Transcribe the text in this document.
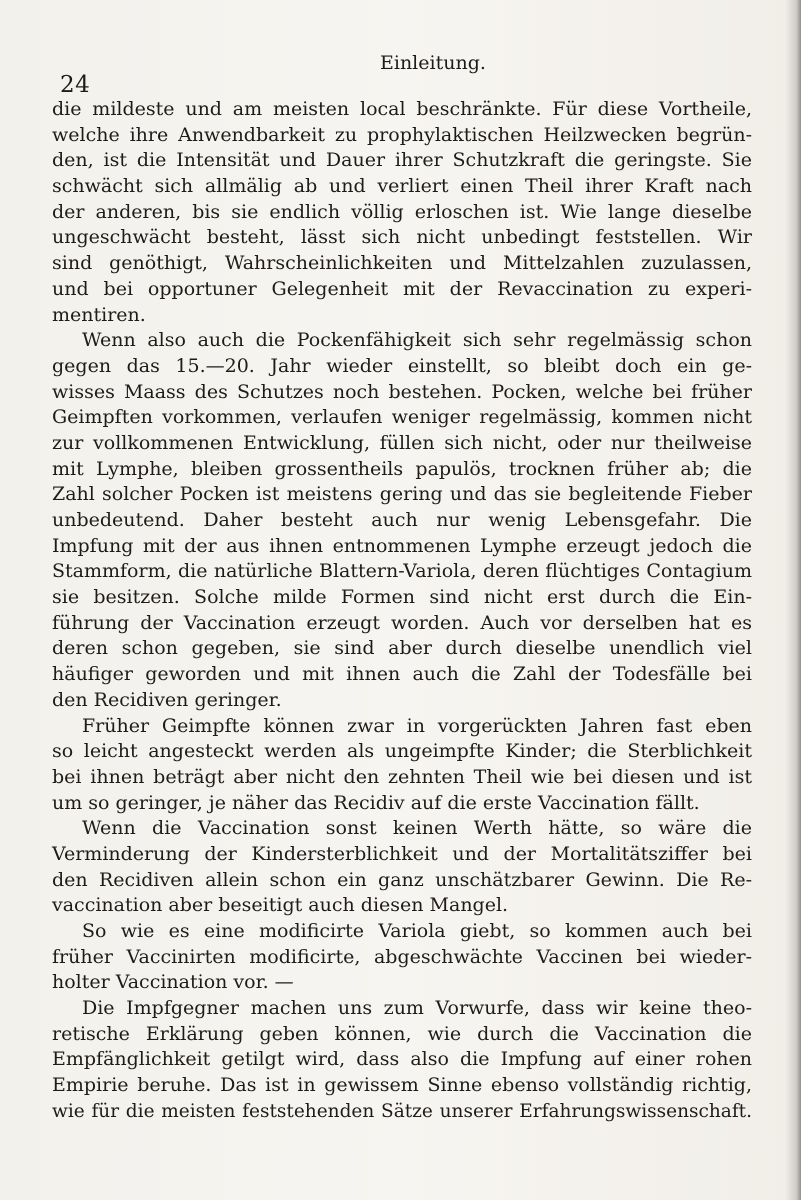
24
Einleitung.
die mildeste und am meisten local beschränkte. Für diese Vortheile,
welche ihre Anwendbarkeit zu prophylaktischen Heilzwecken begrün-
den, ist die Intensität und Dauer ihrer Schutzkraft die geringste. Sie
schwächt sich allmälig ab und verliert einen Theil ihrer Kraft nach
der anderen, bis sie endlich völlig erloschen ist. Wie lange dieselbe
ungeschwächt besteht, lässt sich nicht unbedingt feststellen. Wir
sind genöthigt, Wahrscheinlichkeiten und Mittelzahlen zuzulassen,
und bei opportuner Gelegenheit mit der Revaccination zu experi-
mentiren.
Wenn also auch die Pockenfähigkeit sich sehr regelmässig schon
gegen das 15.—20. Jahr wieder einstellt, so bleibt doch ein ge-
wisses Maass des Schutzes noch bestehen. Pocken, welche bei früher
Geimpften vorkommen, verlaufen weniger regelmässig, kommen nicht
zur vollkommenen Entwicklung, füllen sich nicht, oder nur theilweise
mit Lymphe, bleiben grossentheils papulös, trocknen früher ab; die
Zahl solcher Pocken ist meistens gering und das sie begleitende Fieber
unbedeutend. Daher besteht auch nur wenig Lebensgefahr. Die
Impfung mit der aus ihnen entnommenen Lymphe erzeugt jedoch die
Stammform, die natürliche Blattern-Variola, deren flüchtiges Contagium
sie besitzen. Solche milde Formen sind nicht erst durch die Ein-
führung der Vaccination erzeugt worden. Auch vor derselben hat es
deren schon gegeben, sie sind aber durch dieselbe unendlich viel
häufiger geworden und mit ihnen auch die Zahl der Todesfälle bei
den Recidiven geringer.
Früher Geimpfte können zwar in vorgerückten Jahren fast eben
so leicht angesteckt werden als ungeimpfte Kinder; die Sterblichkeit
bei ihnen beträgt aber nicht den zehnten Theil wie bei diesen und ist
um so geringer, je näher das Recidiv auf die erste Vaccination fällt.
Wenn die Vaccination sonst keinen Werth hätte, so wäre die
Verminderung der Kindersterblichkeit und der Mortalitätsziffer bei
den Recidiven allein schon ein ganz unschätzbarer Gewinn. Die Re-
vaccination aber beseitigt auch diesen Mangel.
So wie es eine modificirte Variola giebt, so kommen auch bei
früher Vaccinirten modificirte, abgeschwächte Vaccinen bei wieder-
holter Vaccination vor. —
Die Impfgegner machen uns zum Vorwurfe, dass wir keine theo-
retische Erklärung geben können, wie durch die Vaccination die
Empfänglichkeit getilgt wird, dass also die Impfung auf einer rohen
Empirie beruhe. Das ist in gewissem Sinne ebenso vollständig richtig,
wie für die meisten feststehenden Sätze unserer Erfahrungswissenschaft.
